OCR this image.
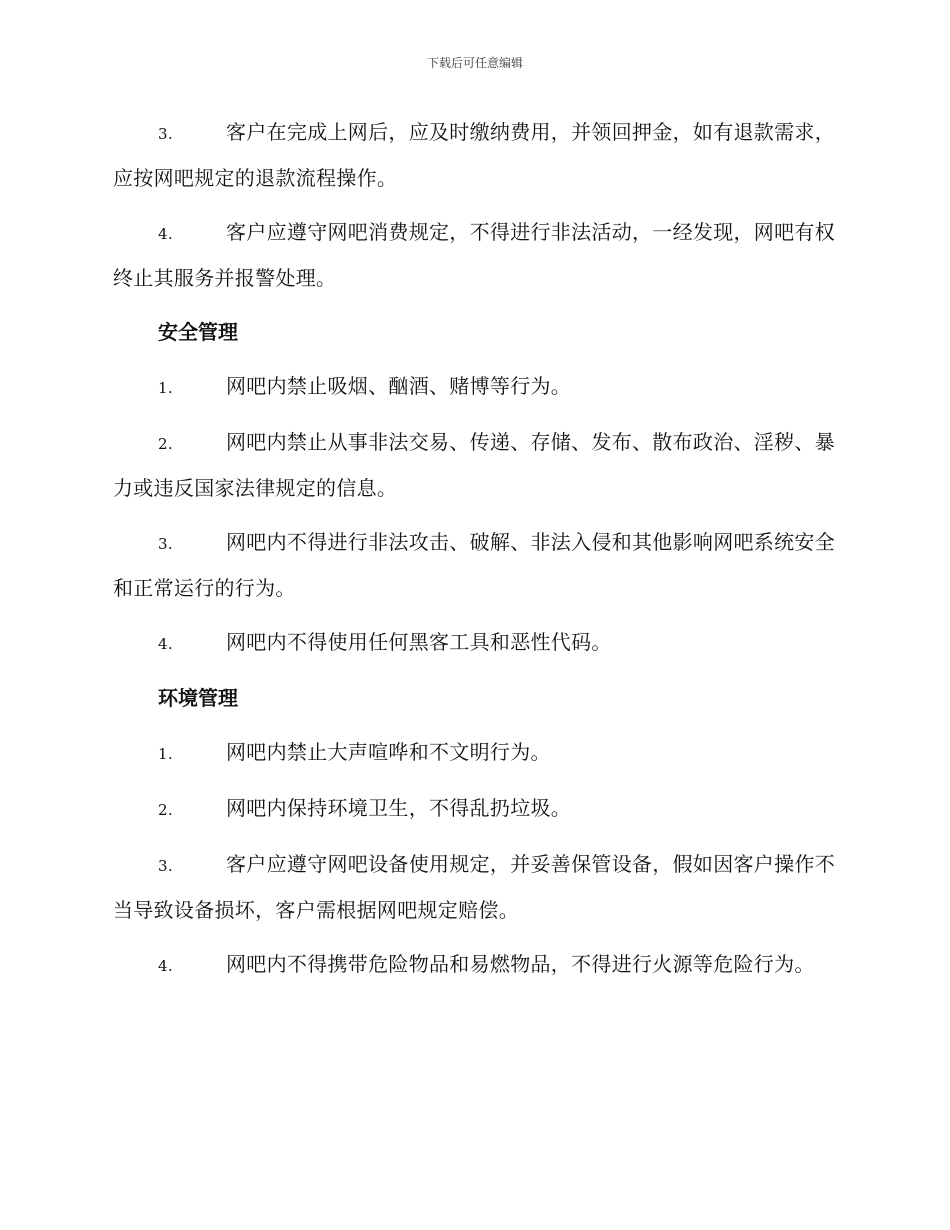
下载后可任意编辑

3.	客户在完成上网后，应及时缴纳费用，并领回押金，如有退款需求，应按网吧规定的退款流程操作。

4.	客户应遵守网吧消费规定，不得进行非法活动，一经发现，网吧有权终止其服务并报警处理。

安全管理

1.	网吧内禁止吸烟、酗酒、赌博等行为。

2.	网吧内禁止从事非法交易、传递、存储、发布、散布政治、淫秽、暴力或违反国家法律规定的信息。

3.	网吧内不得进行非法攻击、破解、非法入侵和其他影响网吧系统安全和正常运行的行为。

4.	网吧内不得使用任何黑客工具和恶性代码。

环境管理

1.	网吧内禁止大声喧哗和不文明行为。

2.	网吧内保持环境卫生，不得乱扔垃圾。

3.	客户应遵守网吧设备使用规定，并妥善保管设备，假如因客户操作不当导致设备损坏，客户需根据网吧规定赔偿。

4.	网吧内不得携带危险物品和易燃物品，不得进行火源等危险行为。
